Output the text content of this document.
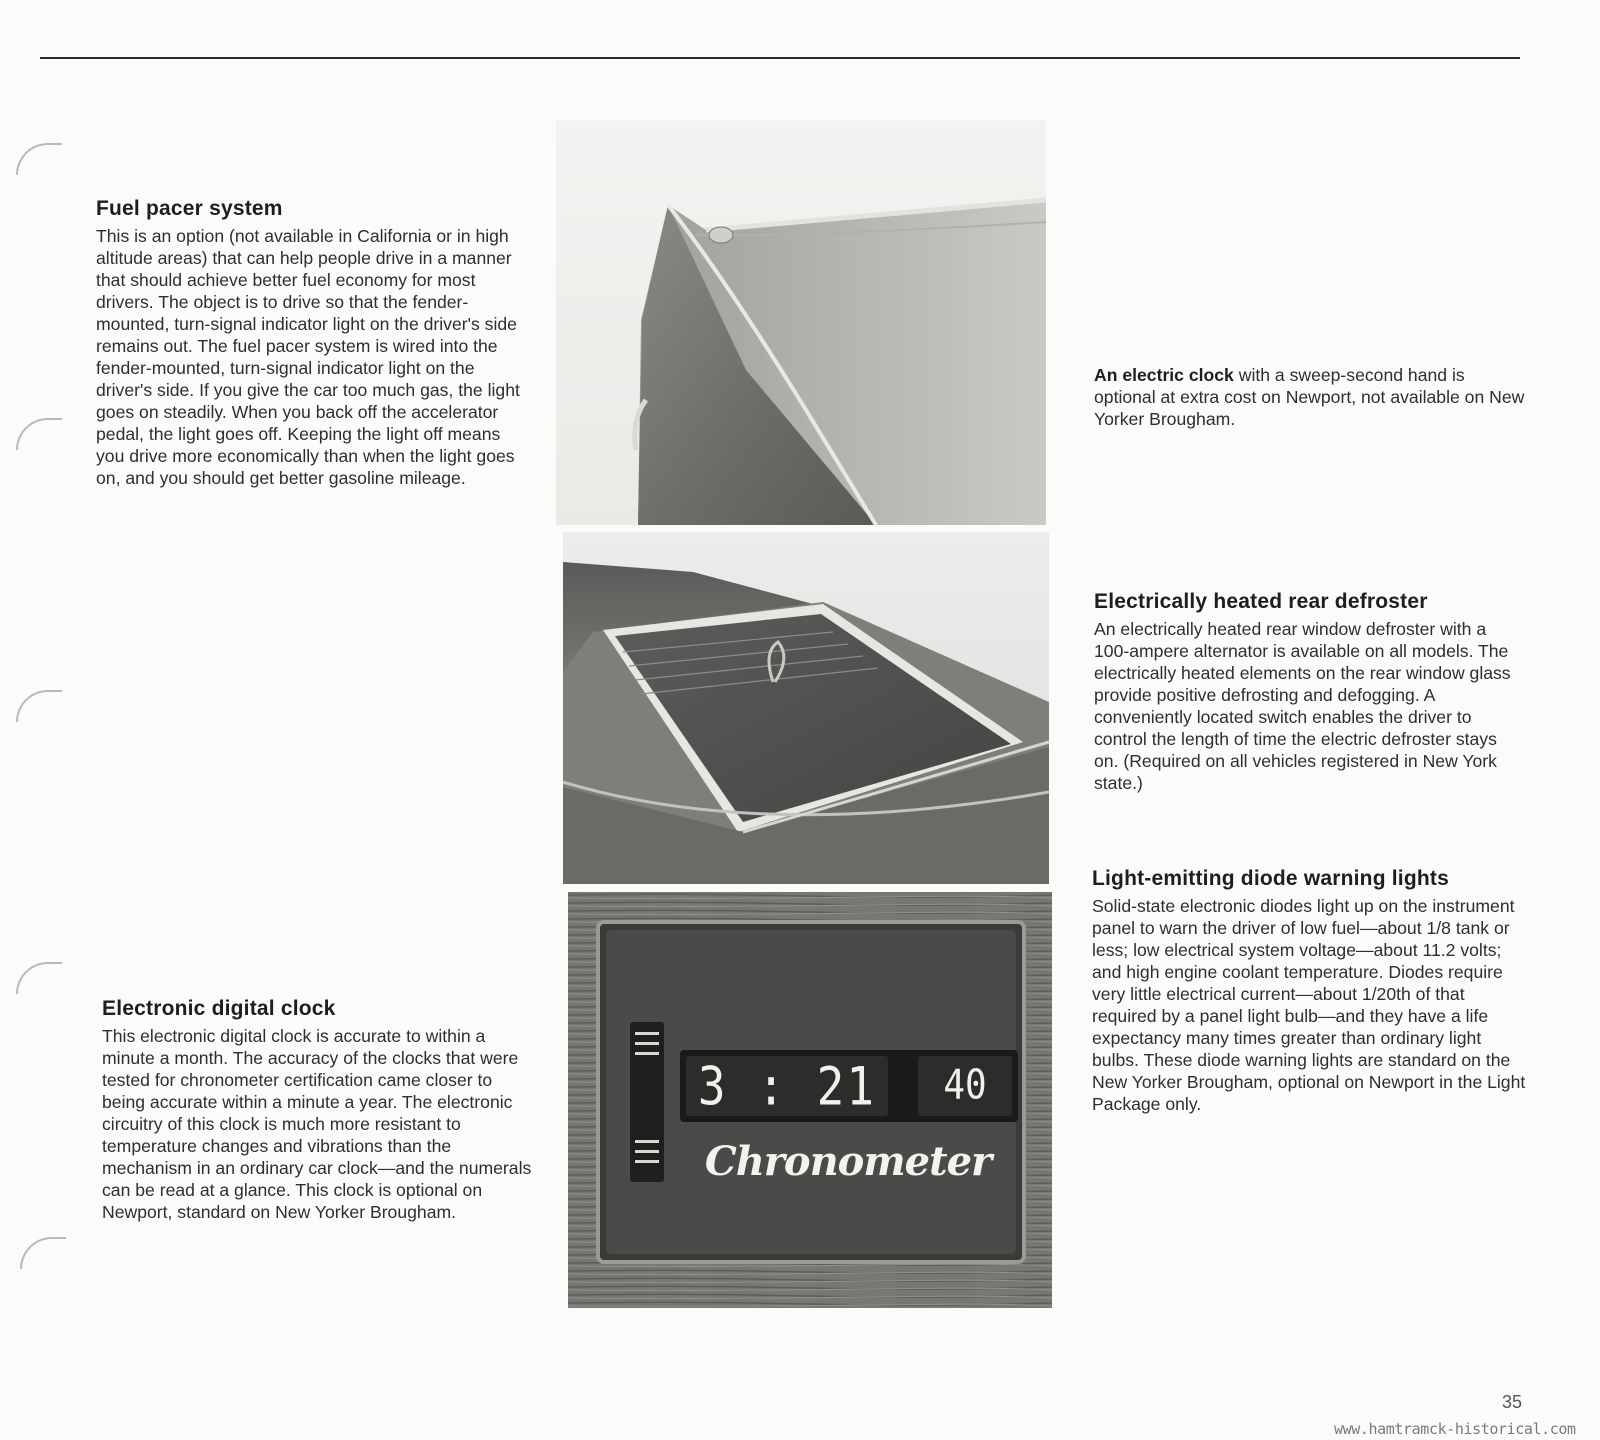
Fuel pacer system

This is an option (not available in California or in high altitude areas) that can help people drive in a manner that should achieve better fuel economy for most drivers. The object is to drive so that the fender-mounted, turn-signal indicator light on the driver's side remains out. The fuel pacer system is wired into the fender-mounted, turn-signal indicator light on the driver's side. If you give the car too much gas, the light goes on steadily. When you back off the accelerator pedal, the light goes off. Keeping the light off means you drive more economically than when the light goes on, and you should get better gasoline mileage.

Electronic digital clock

This electronic digital clock is accurate to within a minute a month. The accuracy of the clocks that were tested for chronometer certification came closer to being accurate within a minute a year. The electronic circuitry of this clock is much more resistant to temperature changes and vibrations than the mechanism in an ordinary car clock—and the numerals can be read at a glance. This clock is optional on Newport, standard on New Yorker Brougham.

An electric clock with a sweep-second hand is optional at extra cost on Newport, not available on New Yorker Brougham.

Electrically heated rear defroster

An electrically heated rear window defroster with a 100-ampere alternator is available on all models. The electrically heated elements on the rear window glass provide positive defrosting and defogging. A conveniently located switch enables the driver to control the length of time the electric defroster stays on. (Required on all vehicles registered in New York state.)

Light-emitting diode warning lights

Solid-state electronic diodes light up on the instrument panel to warn the driver of low fuel—about 1/8 tank or less; low electrical system voltage—about 11.2 volts; and high engine coolant temperature. Diodes require very little electrical current—about 1/20th of that required by a panel light bulb—and they have a life expectancy many times greater than ordinary light bulbs. These diode warning lights are standard on the New Yorker Brougham, optional on Newport in the Light Package only.

3 : 21	40
Chronometer
35
www.hamtramck-historical.com
